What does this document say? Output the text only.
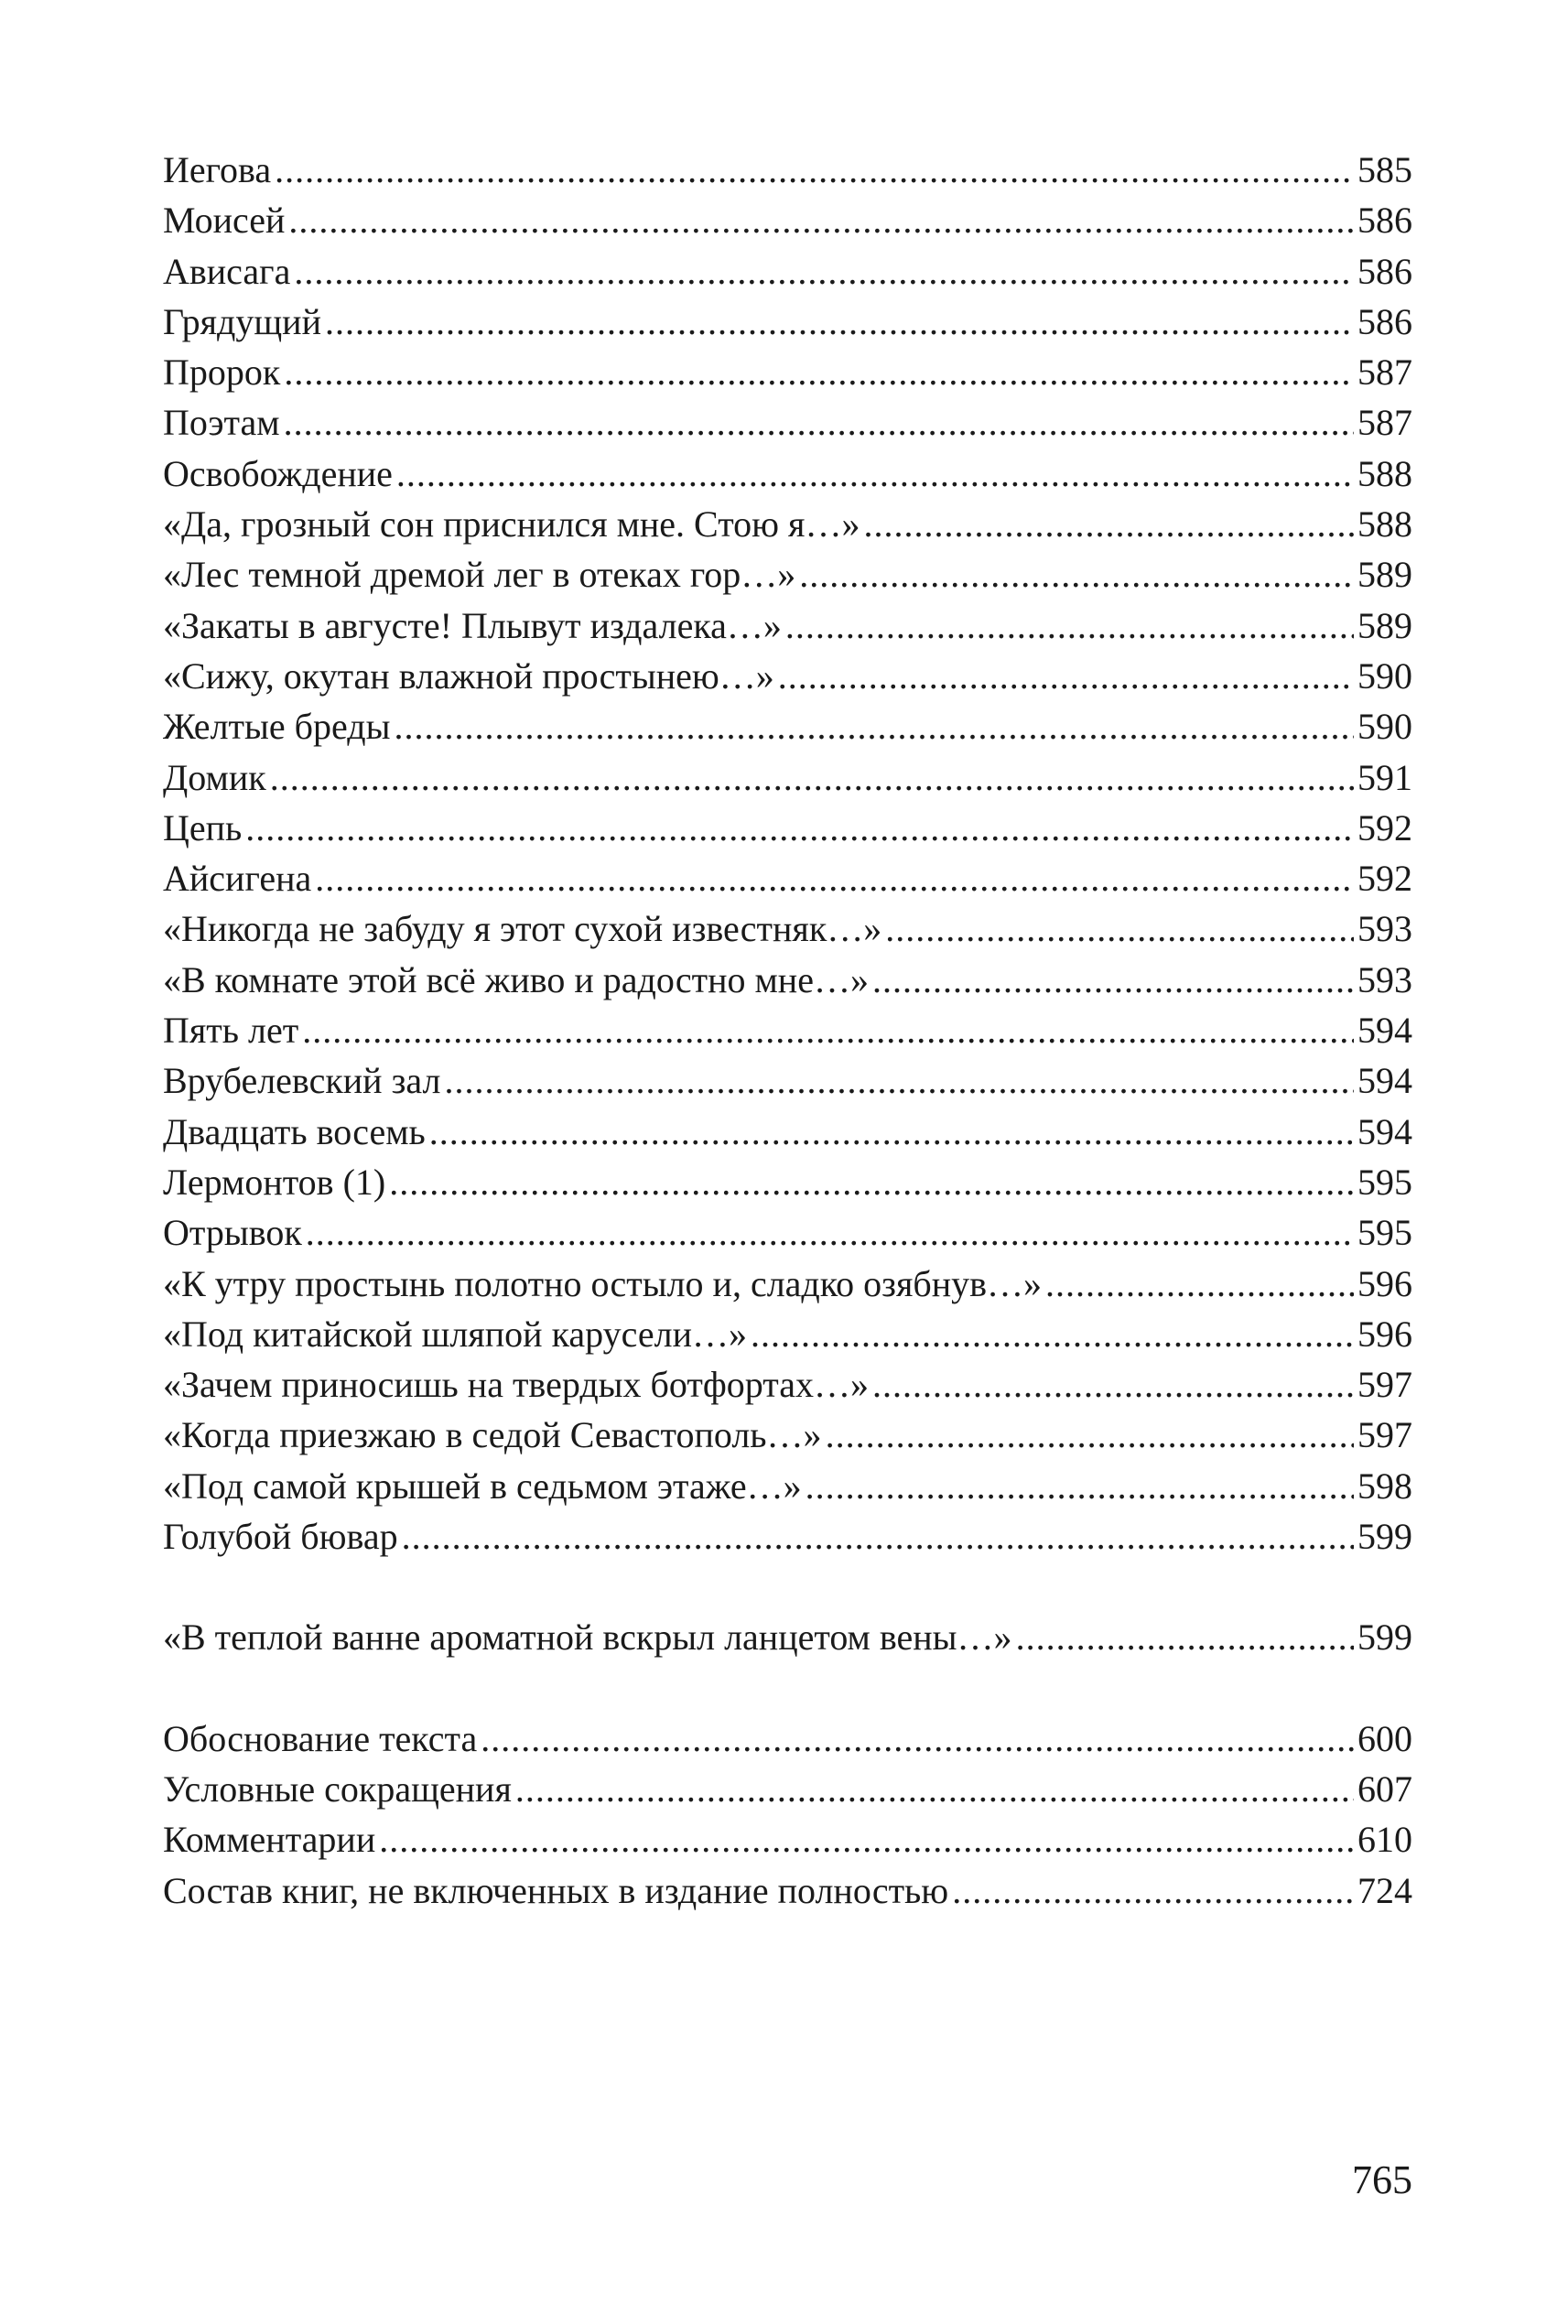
Иегова .....	585
Моисей .....	586
Ависага .....	586
Грядущий .....	586
Пророк .....	587
Поэтам .....	587
Освобождение .....	588
«Да, грозный сон приснился мне. Стою я…» .....	588
«Лес темной дремой лег в отеках гор…» .....	589
«Закаты в августе! Плывут издалека…» .....	589
«Сижу, окутан влажной простынею…» .....	590
Желтые бреды .....	590
Домик .....	591
Цепь .....	592
Айсигена .....	592
«Никогда не забуду я этот сухой известняк…» .....	593
«В комнате этой всё живо и радостно мне…» .....	593
Пять лет .....	594
Врубелевский зал .....	594
Двадцать восемь .....	594
Лермонтов (1) .....	595
Отрывок .....	595
«К утру простынь полотно остыло и, сладко озябнув…» .....	596
«Под китайской шляпой карусели…» .....	596
«Зачем приносишь на твердых ботфортах…» .....	597
«Когда приезжаю в седой Севастополь…» .....	597
«Под самой крышей в седьмом этаже…» .....	598
Голубой бювар .....	599
«В теплой ванне ароматной вскрыл ланцетом вены…» .....	599
Обоснование текста .....	600
Условные сокращения .....	607
Комментарии .....	610
Состав книг, не включенных в издание полностью .....	724
765
